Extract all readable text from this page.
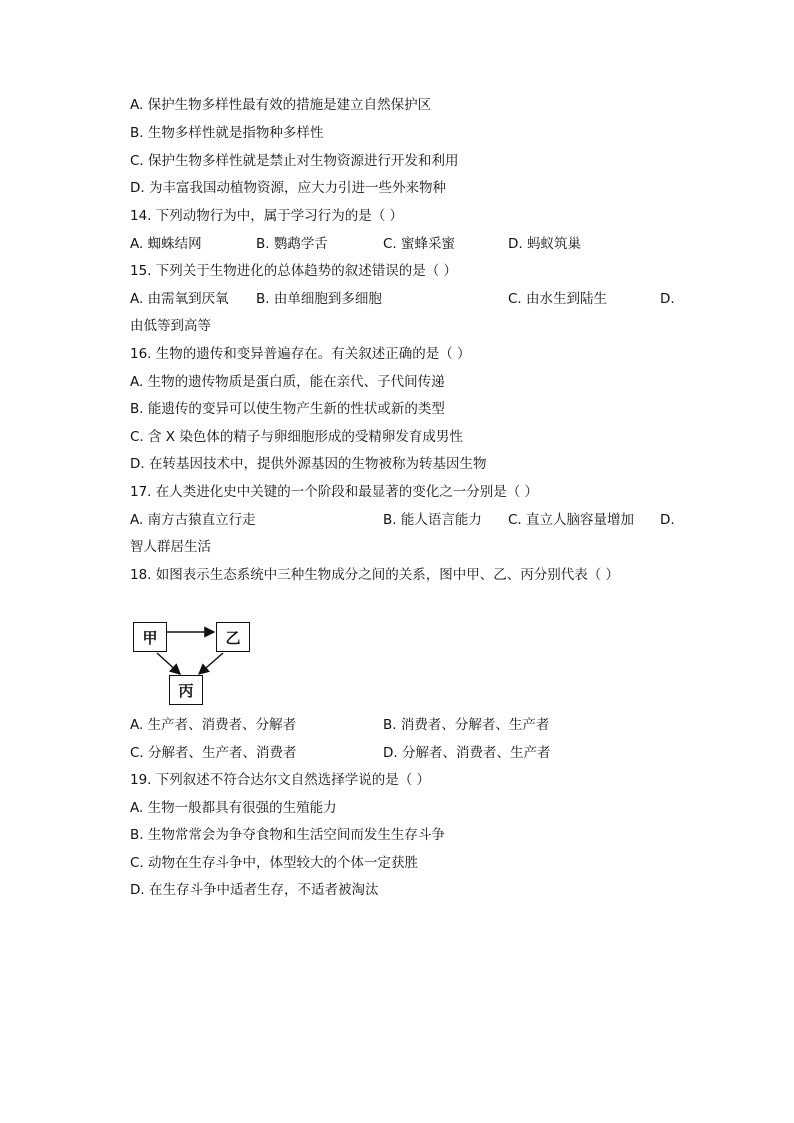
A. 保护生物多样性最有效的措施是建立自然保护区
B. 生物多样性就是指物种多样性
C. 保护生物多样性就是禁止对生物资源进行开发和利用
D. 为丰富我国动植物资源，应大力引进一些外来物种
14. 下列动物行为中，属于学习行为的是（ ）
A. 蜘蛛结网	B. 鹦鹉学舌	C. 蜜蜂采蜜	D. 蚂蚁筑巢
15. 下列关于生物进化的总体趋势的叙述错误的是（ ）
A. 由需氧到厌氧 B. 由单细胞到多细胞	C. 由水生到陆生	D.
由低等到高等
16. 生物的遗传和变异普遍存在。有关叙述正确的是（ ）
A. 生物的遗传物质是蛋白质，能在亲代、子代间传递
B. 能遗传的变异可以使生物产生新的性状或新的类型
C. 含 X 染色体的精子与卵细胞形成的受精卵发育成男性
D. 在转基因技术中，提供外源基因的生物被称为转基因生物
17. 在人类进化史中关键的一个阶段和最显著的变化之一分别是（ ）
A. 南方古猿直立行走	B. 能人语言能力 C. 直立人脑容量增加 D.
智人群居生活
18. 如图表示生态系统中三种生物成分之间的关系，图中甲、乙、丙分别代表（ ）
甲	乙
丙
A. 生产者、消费者、分解者	B. 消费者、分解者、生产者
C. 分解者、生产者、消费者	D. 分解者、消费者、生产者
19. 下列叙述不符合达尔文自然选择学说的是（ ）
A. 生物一般都具有很强的生殖能力
B. 生物常常会为争夺食物和生活空间而发生生存斗争
C. 动物在生存斗争中，体型较大的个体一定获胜
D. 在生存斗争中适者生存，不适者被淘汰
